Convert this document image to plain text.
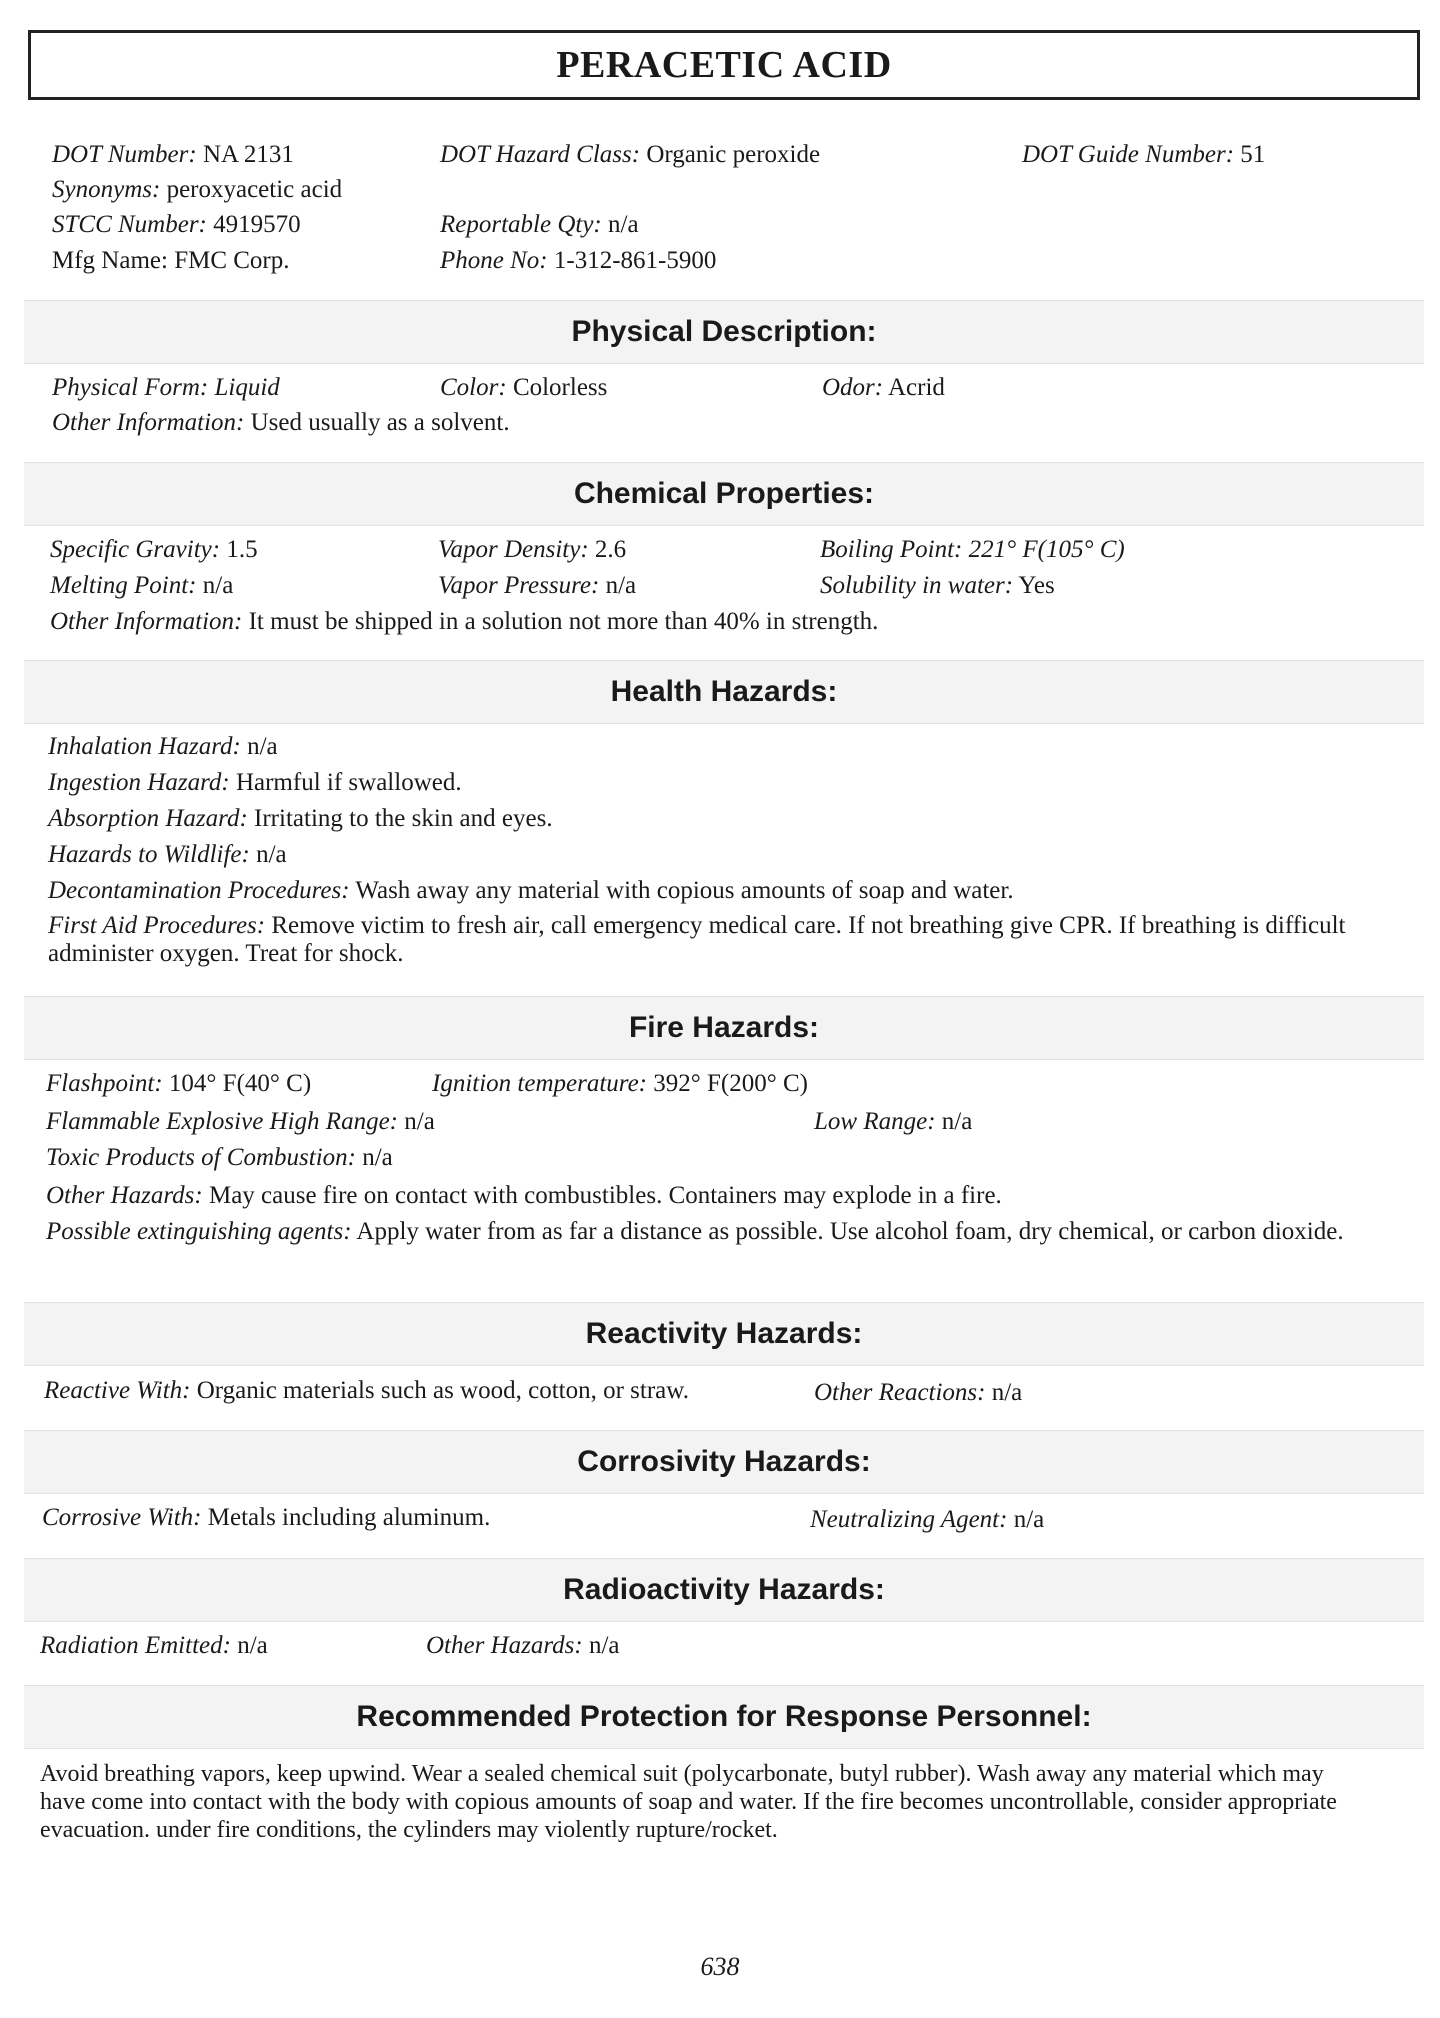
PERACETIC ACID
DOT Number: NA 2131	DOT Hazard Class: Organic peroxide	DOT Guide Number: 51
Synonyms: peroxyacetic acid
STCC Number: 4919570	Reportable Qty: n/a
Mfg Name: FMC Corp.	Phone No: 1-312-861-5900
Physical Description:
Physical Form: Liquid	Color: Colorless	Odor: Acrid
Other Information: Used usually as a solvent.
Chemical Properties:
Specific Gravity: 1.5	Vapor Density: 2.6	Boiling Point: 221° F(105° C)
Melting Point: n/a	Vapor Pressure: n/a	Solubility in water: Yes
Other Information: It must be shipped in a solution not more than 40% in strength.
Health Hazards:
Inhalation Hazard: n/a
Ingestion Hazard: Harmful if swallowed.
Absorption Hazard: Irritating to the skin and eyes.
Hazards to Wildlife: n/a
Decontamination Procedures: Wash away any material with copious amounts of soap and water.
First Aid Procedures: Remove victim to fresh air, call emergency medical care. If not breathing give CPR. If breathing is difficult administer oxygen. Treat for shock.
Fire Hazards:
Flashpoint: 104° F(40° C)	Ignition temperature: 392° F(200° C)
Flammable Explosive High Range: n/a	Low Range: n/a
Toxic Products of Combustion: n/a
Other Hazards: May cause fire on contact with combustibles. Containers may explode in a fire.
Possible extinguishing agents: Apply water from as far a distance as possible. Use alcohol foam, dry chemical, or carbon dioxide.
Reactivity Hazards:
Reactive With: Organic materials such as wood, cotton, or straw.	Other Reactions: n/a
Corrosivity Hazards:
Corrosive With: Metals including aluminum.	Neutralizing Agent: n/a
Radioactivity Hazards:
Radiation Emitted: n/a	Other Hazards: n/a
Recommended Protection for Response Personnel:
Avoid breathing vapors, keep upwind. Wear a sealed chemical suit (polycarbonate, butyl rubber). Wash away any material which may have come into contact with the body with copious amounts of soap and water. If the fire becomes uncontrollable, consider appropriate evacuation. under fire conditions, the cylinders may violently rupture/rocket.
638
